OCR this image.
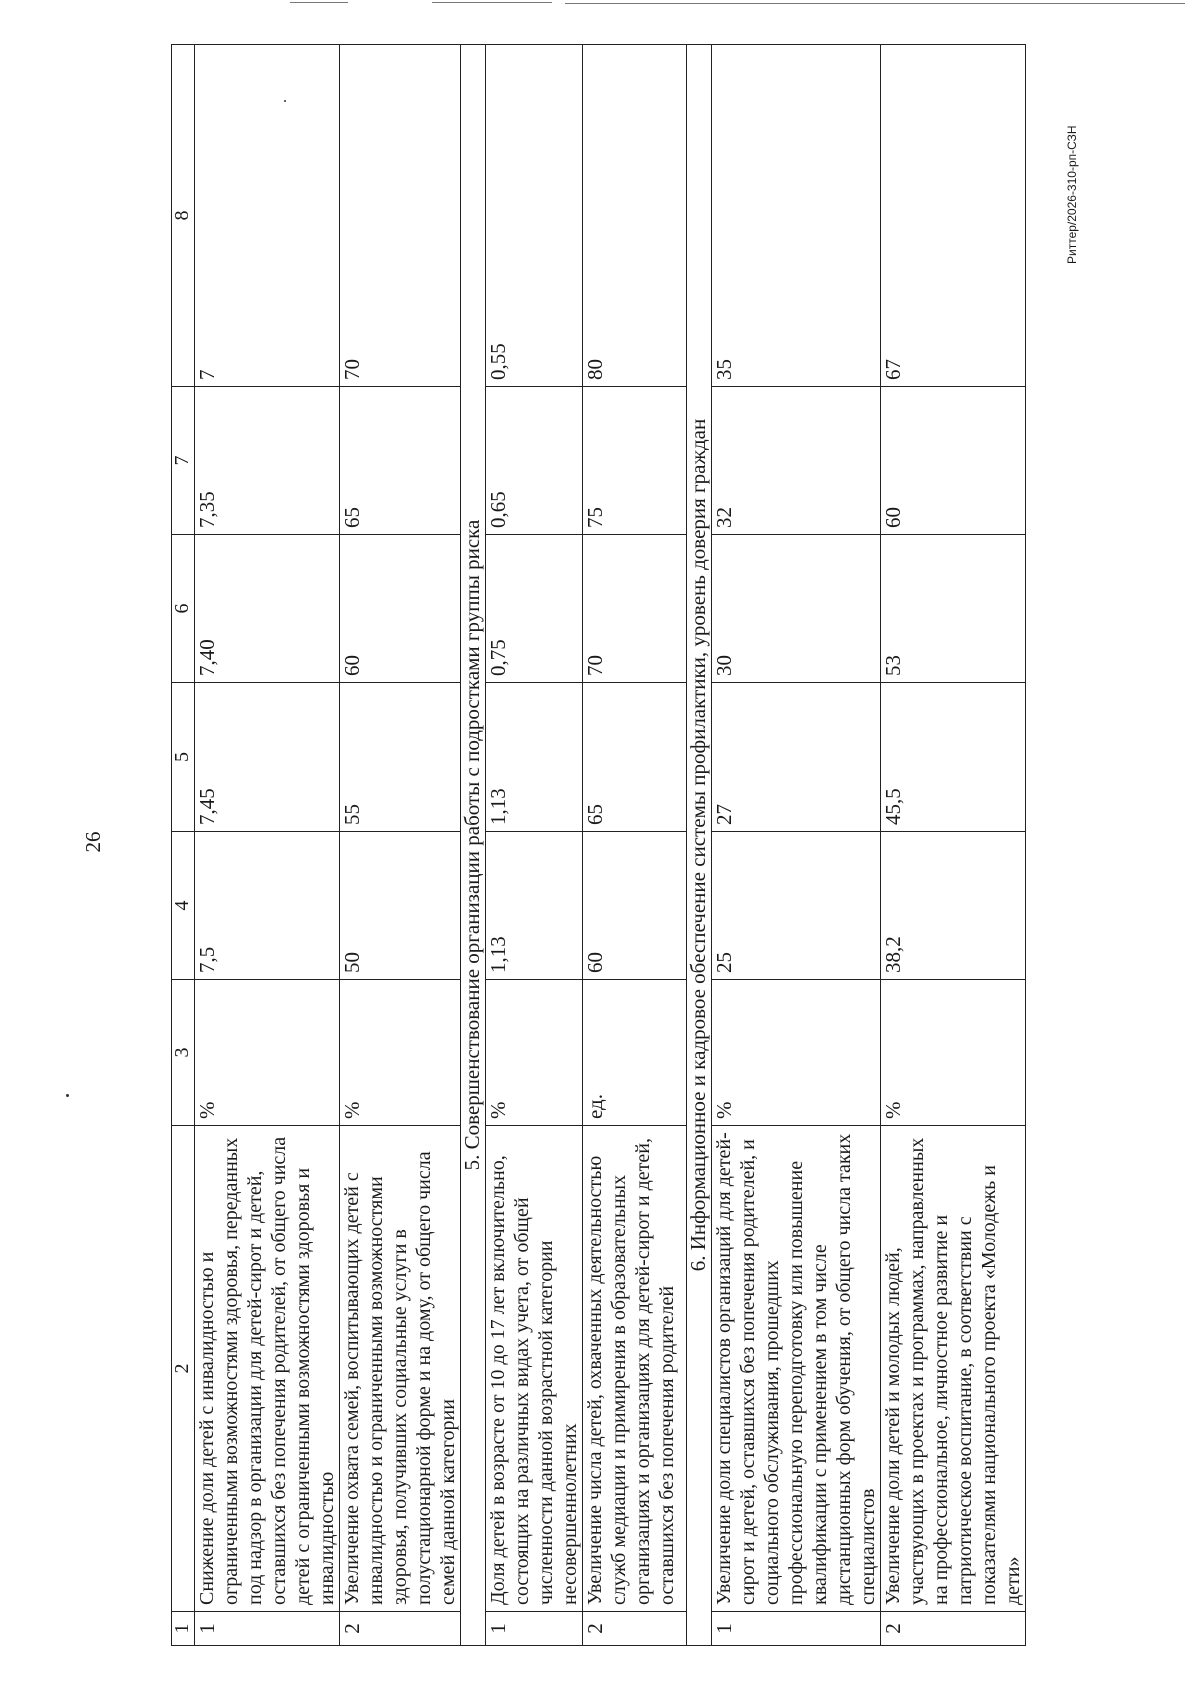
26
Риттер/2026-310-рп-СЗН
1	2	3	4	5	6	7	8
1	Снижение доли детей с инвалидностью и ограниченными возможностями здоровья, переданных под надзор в организации для детей-сирот и детей, оставшихся без попечения родителей, от общего числа детей с ограниченными возможностями здоровья и инвалидностью	%	7,5	7,45	7,40	7,35	7
2	Увеличение охвата семей, воспитывающих детей с инвалидностью и ограниченными возможностями здоровья, получивших социальные услуги в полустационарной форме и на дому, от общего числа семей данной категории	%	50	55	60	65	70
5. Совершенствование организации работы с подростками группы риска							
1	Доля детей в возрасте от 10 до 17 лет включительно, состоящих на различных видах учета, от общей численности данной возрастной категории несовершеннолетних	%	1,13	1,13	0,75	0,65	0,55
2	Увеличение числа детей, охваченных деятельностью служб медиации и примирения в образовательных организациях и организациях для детей-сирот и детей, оставшихся без попечения родителей	ед.	60	65	70	75	80
6. Информационное и кадровое обеспечение системы профилактики, уровень доверия граждан							
1	Увеличение доли специалистов организаций для детей-сирот и детей, оставшихся без попечения родителей, и социального обслуживания, прошедших профессиональную переподготовку или повышение квалификации с применением в том числе дистанционных форм обучения, от общего числа таких специалистов	%	25	27	30	32	35
2	Увеличение доли детей и молодых людей, участвующих в проектах и программах, направленных на профессиональное, личностное развитие и патриотическое воспитание, в соответствии с показателями национального проекта «Молодежь и дети»	%	38,2	45,5	53	60	67
